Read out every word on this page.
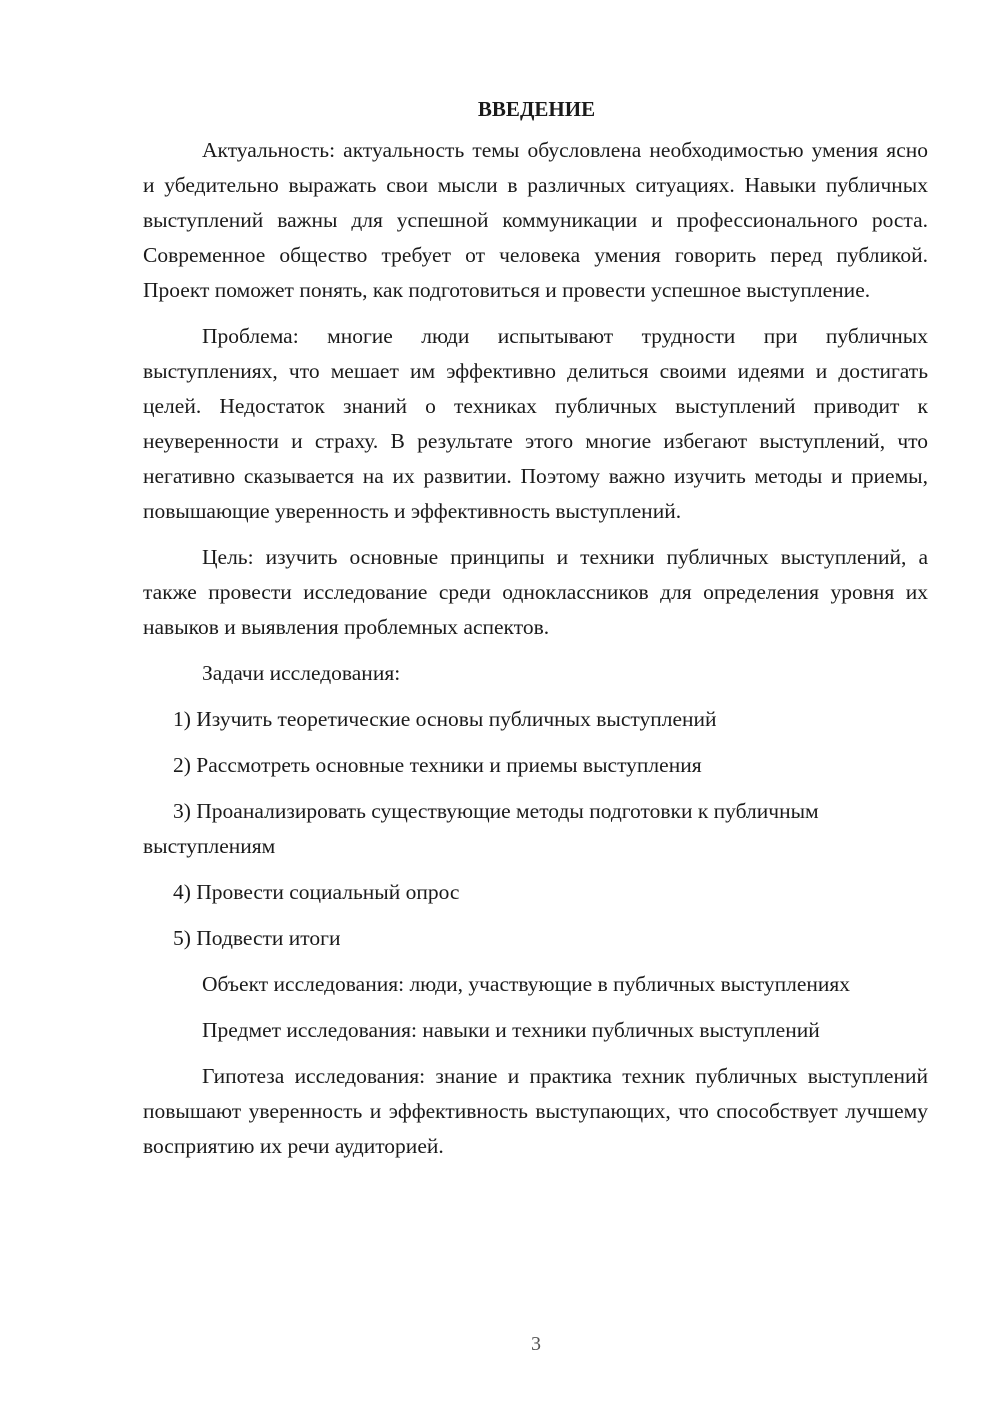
ВВЕДЕНИЕ

Актуальность: актуальность темы обусловлена необходимостью умения ясно и убедительно выражать свои мысли в различных ситуациях. Навыки публичных выступлений важны для успешной коммуникации и профессионального роста. Современное общество требует от человека умения говорить перед публикой. Проект поможет понять, как подготовиться и провести успешное выступление.

Проблема: многие люди испытывают трудности при публичных выступлениях, что мешает им эффективно делиться своими идеями и достигать целей. Недостаток знаний о техниках публичных выступлений приводит к неуверенности и страху. В результате этого многие избегают выступлений, что негативно сказывается на их развитии. Поэтому важно изучить методы и приемы, повышающие уверенность и эффективность выступлений.

Цель: изучить основные принципы и техники публичных выступлений, а также провести исследование среди одноклассников для определения уровня их навыков и выявления проблемных аспектов.

Задачи исследования:

1) Изучить теоретические основы публичных выступлений

2) Рассмотреть основные техники и приемы выступления

3) Проанализировать существующие методы подготовки к публичным выступлениям

4) Провести социальный опрос

5) Подвести итоги

Объект исследования: люди, участвующие в публичных выступлениях

Предмет исследования: навыки и техники публичных выступлений

Гипотеза исследования: знание и практика техник публичных выступлений повышают уверенность и эффективность выступающих, что способствует лучшему восприятию их речи аудиторией.

3
